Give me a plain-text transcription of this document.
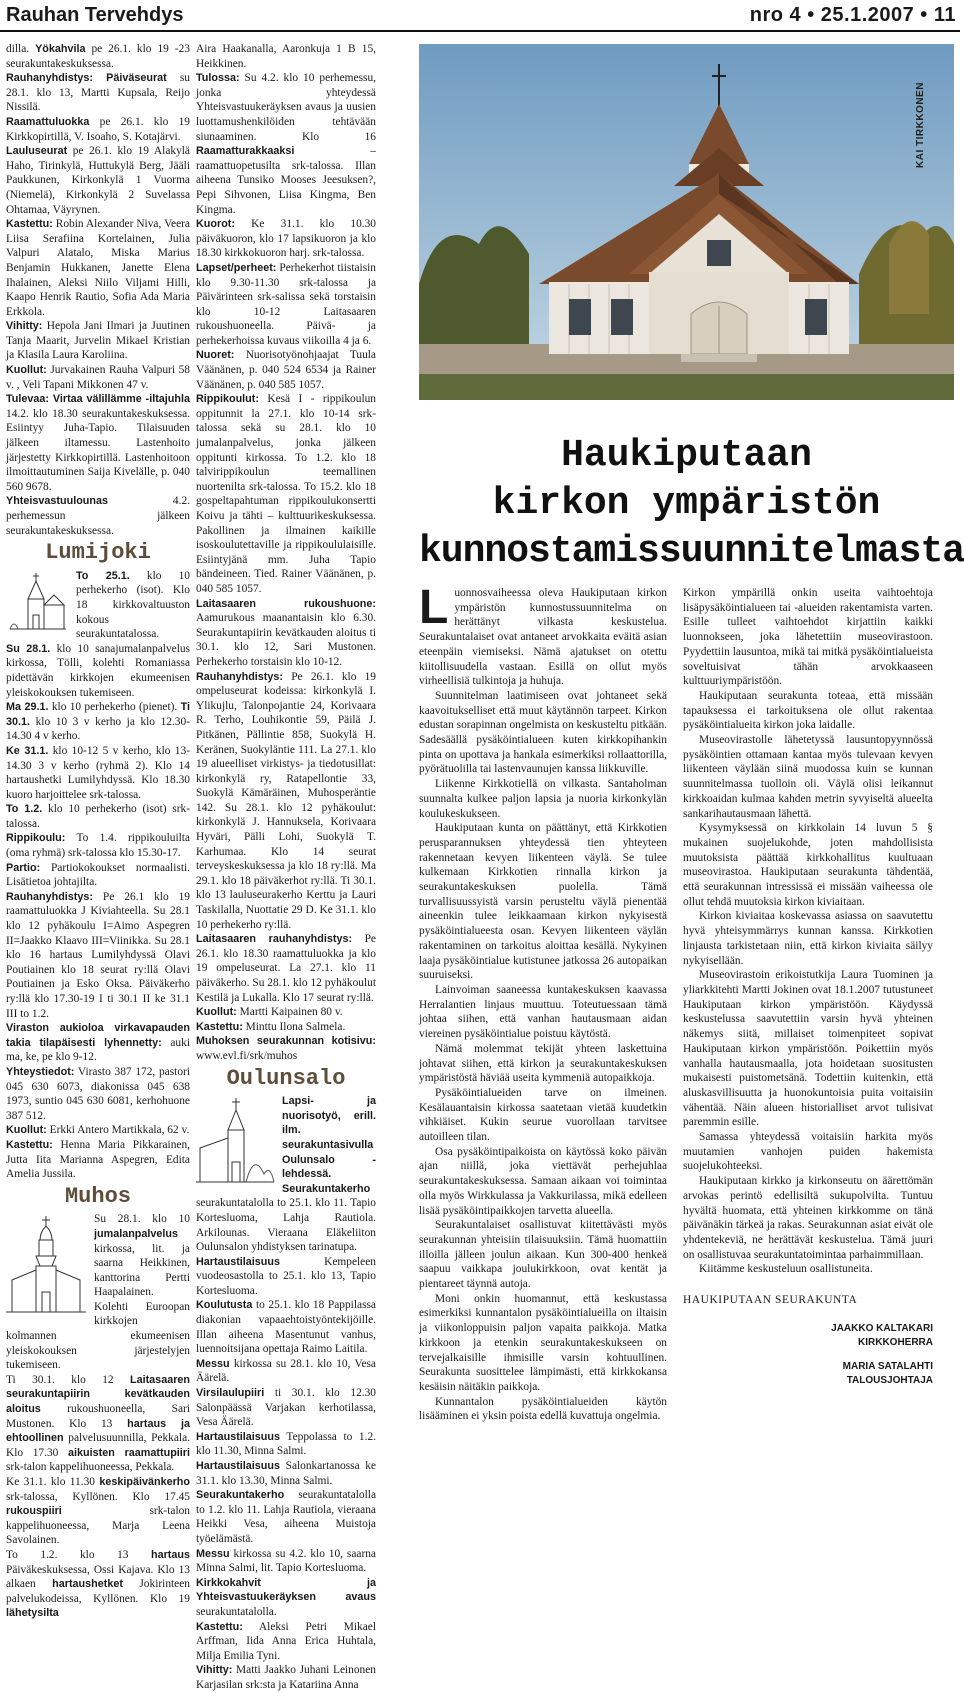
Rauhan Tervehdys	nro 4 • 25.1.2007 • 11

dilla. Yökahvila pe 26.1. klo 19 -23 seurakuntakeskuksessa.

Rauhanyhdistys: Päiväseurat su 28.1. klo 13, Martti Kupsala, Reijo Nissilä.

Raamattuluokka pe 26.1. klo 19 Kirkkopirtillä, V. Isoaho, S. Kotajärvi.

Lauluseurat pe 26.1. klo 19 Alakylä Haho, Tirinkylä, Huttukylä Berg, Jääli Paukkunen, Kirkonkylä 1 Vuorma (Niemelä), Kirkonkylä 2 Suvelassa Ohtamaa, Väyrynen.

Kastettu: Robin Alexander Niva, Veera Liisa Serafiina Kortelainen, Julia Valpuri Alatalo, Miska Marius Benjamin Hukkanen, Janette Elena Ihalainen, Aleksi Niilo Viljami Hilli, Kaapo Henrik Rautio, Sofia Ada Maria Erkkola.

Vihitty: Hepola Jani Ilmari ja Juutinen Tanja Maarit, Jurvelin Mikael Kristian ja Klasila Laura Karoliina.

Kuollut: Jurvakainen Rauha Valpuri 58 v. , Veli Tapani Mikkonen 47 v.

Tulevaa: Virtaa välillämme -iltajuhla 14.2. klo 18.30 seurakuntakeskuksessa. Esiintyy Juha-Tapio. Tilaisuuden jälkeen iltamessu. Lastenhoito järjestetty Kirkkopirtillä. Lastenhoitoon ilmoittautuminen Saija Kivelälle, p. 040 560 9678.

Yhteisvastuulounas 4.2. perhemessun jälkeen seurakuntakeskuksessa.

Lumijoki

To 25.1. klo 10 perhekerho (isot). Klo 18 kirkkovaltuuston kokous seurakuntatalossa.

Su 28.1. klo 10 sanajumalanpalvelus kirkossa, Tölli, kolehti Romaniassa pidettävän kirkkojen ekumeenisen yleiskokouksen tukemiseen.

Ma 29.1. klo 10 perhekerho (pienet). Ti 30.1. klo 10 3 v kerho ja klo 12.30-14.30 4 v kerho.

Ke 31.1. klo 10-12 5 v kerho, klo 13-14.30 3 v kerho (ryhmä 2). Klo 14 hartaushetki Lumilyhdyssä. Klo 18.30 kuoro harjoittelee srk-talossa.

To 1.2. klo 10 perhekerho (isot) srk-talossa.

Rippikoulu: To 1.4. rippikouluilta (oma ryhmä) srk-talossa klo 15.30-17.

Partio: Partiokokoukset normaalisti. Lisätietoa johtajilta.

Rauhanyhdistys: Pe 26.1 klo 19 raamattuluokka J Kiviahteella. Su 28.1 klo 12 pyhäkoulu I=Aimo Aspegren II=Jaakko Klaavo III=Viinikka. Su 28.1 klo 16 hartaus Lumilyhdyssä Olavi Poutiainen klo 18 seurat ry:llä Olavi Poutiainen ja Esko Oksa. Päiväkerho ry:llä klo 17.30-19 I ti 30.1 II ke 31.1 III to 1.2.

Viraston aukioloa virkavapauden takia tilapäisesti lyhennetty: auki ma, ke, pe klo 9-12.

Yhteystiedot: Virasto 387 172, pastori 045 630 6073, diakonissa 045 638 1973, suntio 045 630 6081, kerhohuone 387 512.

Kuollut: Erkki Antero Martikkala, 62 v.

Kastettu: Henna Maria Pikkarainen, Jutta Iita Marianna Aspegren, Edita Amelia Jussila.

Muhos

Su 28.1. klo 10 jumalanpalvelus kirkossa, lit. ja saarna Heikkinen, kanttorina Pertti Haapalainen. Kolehti Euroopan kirkkojen kolmannen ekumeenisen yleiskokouksen järjestelyjen tukemiseen.

Ti 30.1. klo 12 Laitasaaren seurakuntapiirin kevätkauden aloitus rukoushuoneella, Sari Mustonen. Klo 13 hartaus ja ehtoollinen palvelusuunnilla, Pekkala. Klo 17.30 aikuisten raamattupiiri srk-talon kappelihuoneessa, Pekkala.

Ke 31.1. klo 11.30 keskipäivänkerho srk-talossa, Kyllönen. Klo 17.45 rukouspiiri srk-talon kappelihuoneessa, Marja Leena Savolainen.

To 1.2. klo 13 hartaus Päiväkeskuksessa, Ossi Kajava. Klo 13 alkaen hartaushetket Jokirinteen palvelukodeissa, Kyllönen. Klo 19 lähetysilta

Aira Haakanalla, Aaronkuja 1 B 15, Heikkinen.

Tulossa: Su 4.2. klo 10 perhemessu, jonka yhteydessä Yhteisvastuukeräyksen avaus ja uusien luottamushenkilöiden tehtävään siunaaminen. Klo 16 Raamatturakkaaksi – raamattuopetusilta srk-talossa. Illan aiheena Tunsiko Mooses Jeesuksen?, Pepi Sihvonen, Liisa Kingma, Ben Kingma.

Kuorot: Ke 31.1. klo 10.30 päiväkuoron, klo 17 lapsikuoron ja klo 18.30 kirkkokuoron harj. srk-talossa.

Lapset/perheet: Perhekerhot tiistaisin klo 9.30-11.30 srk-talossa ja Päivärinteen srk-salissa sekä torstaisin klo 10-12 Laitasaaren rukoushuoneella. Päivä- ja perhekerhoissa kuvaus viikoilla 4 ja 6.

Nuoret: Nuorisotyönohjaajat Tuula Väänänen, p. 040 524 6534 ja Rainer Väänänen, p. 040 585 1057.

Rippikoulut: Kesä I - rippikoulun oppitunnit la 27.1. klo 10-14 srk-talossa sekä su 28.1. klo 10 jumalanpalvelus, jonka jälkeen oppitunti kirkossa. To 1.2. klo 18 talvirippikoulun teemallinen nuortenilta srk-talossa. To 15.2. klo 18 gospeltapahtuman rippikoulukonsertti Koivu ja tähti – kulttuurikeskuksessa. Pakollinen ja ilmainen kaikille isoskoulutettaville ja rippikoululaisille. Esiintyjänä mm. Juha Tapio bändeineen. Tied. Rainer Väänänen, p. 040 585 1057.

Laitasaaren rukoushuone: Aamurukous maanantaisin klo 6.30. Seurakuntapiirin kevätkauden aloitus ti 30.1. klo 12, Sari Mustonen. Perhekerho torstaisin klo 10-12.

Rauhanyhdistys: Pe 26.1. klo 19 ompeluseurat kodeissa: kirkonkylä I. Ylikujlu, Talonpojantie 24, Korivaara R. Terho, Louhikontie 59, Päilä J. Pitkänen, Pällintie 858, Suokylä H. Keränen, Suokyläntie 111. La 27.1. klo 19 alueelliset virkistys- ja tiedotusillat: kirkonkylä ry, Ratapellontie 33, Suokylä Kämäräinen, Muhosperäntie 142. Su 28.1. klo 12 pyhäkoulut: kirkonkylä J. Hannuksela, Korivaara Hyväri, Pälli Lohi, Suokylä T. Karhumaa. Klo 14 seurat terveyskeskuksessa ja klo 18 ry:llä. Ma 29.1. klo 18 päiväkerhot ry:llä. Ti 30.1. klo 13 lauluseurakerho Kerttu ja Lauri Taskilalla, Nuottatie 29 D. Ke 31.1. klo 10 perhekerho ry:llä.

Laitasaaren rauhanyhdistys: Pe 26.1. klo 18.30 raamattuluokka ja klo 19 ompeluseurat. La 27.1. klo 11 päiväkerho. Su 28.1. klo 12 pyhäkoulut Kestilä ja Lukalla. Klo 17 seurat ry:llä.

Kuollut: Martti Kaipainen 80 v.

Kastettu: Minttu Ilona Salmela.

Muhoksen seurakunnan kotisivu: www.evl.fi/srk/muhos

Oulunsalo

Lapsi- ja nuorisotyö, erill. ilm. seurakuntasivulla Oulunsalo -lehdessä.

Seurakuntakerho seurakuntatalolla to 25.1. klo 11. Tapio Kortesluoma, Lahja Rautiola. Arkilounas. Vieraana Eläkeliiton Oulunsalon yhdistyksen tarinatupa.

Hartaustilaisuus Kempeleen vuodeosastolla to 25.1. klo 13, Tapio Kortesluoma.

Koulutusta to 25.1. klo 18 Pappilassa diakonian vapaaehtoistyöntekijöille. Illan aiheena Masentunut vanhus, luennoitsijana opettaja Raimo Laitila.

Messu kirkossa su 28.1. klo 10, Vesa Äärelä.

Virsilaulupiiri ti 30.1. klo 12.30 Salonpäässä Varjakan kerhotilassa, Vesa Äärelä.

Hartaustilaisuus Teppolassa to 1.2. klo 11.30, Minna Salmi.

Hartaustilaisuus Salonkartanossa ke 31.1. klo 13.30, Minna Salmi.

Seurakuntakerho seurakuntatalolla to 1.2. klo 11. Lahja Rautiola, vieraana Heikki Vesa, aiheena Muistoja työelämästä.

Messu kirkossa su 4.2. klo 10, saarna Minna Salmi, lit. Tapio Kortesluoma.

Kirkkokahvit ja Yhteisvastuukeräyksen avaus seurakuntatalolla.

Kastettu: Aleksi Petri Mikael Arffman, Iida Anna Erica Huhtala, Milja Emilia Tyni.

Vihitty: Matti Jaakko Juhani Leinonen Karjasilan srk:sta ja Katariina Anna

KAI TIRKKONEN
Haukiputaan
kirkon ympäristön
kunnostamissuunnitelmasta
L uonnosvaiheessa oleva Haukiputaan kirkon ympäristön kunnostussuunnitelma on herättänyt vilkasta keskustelua. Seurakuntalaiset ovat antaneet arvokkaita eväitä asian eteenpäin viemiseksi. Nämä ajatukset on otettu kiitollisuudella vastaan. Esillä on ollut myös virheellisiä tulkintoja ja huhuja.

Suunnitelman laatimiseen ovat johtaneet sekä kaavoitukselliset että muut käytännön tarpeet. Kirkon edustan sorapinnan ongelmista on keskusteltu pitkään. Sadesäällä pysäköintialueen kuten kirkkopihankin pinta on upottava ja hankala esimerkiksi rollaattorilla, pyörätuolilla tai lastenvaunujen kanssa liikkuville.

Liikenne Kirkkotiellä on vilkasta. Santaholman suunnalta kulkee paljon lapsia ja nuoria kirkonkylän koulukeskukseen.

Haukiputaan kunta on päättänyt, että Kirkkotien perusparannuksen yhteydessä tien yhteyteen rakennetaan kevyen liikenteen väylä. Se tulee kulkemaan Kirkkotien rinnalla kirkon ja seurakuntakeskuksen puolella. Tämä turvallisuussyistä varsin perusteltu väylä pienentää aineenkin tulee leikkaamaan kirkon nykyisestä pysäköintialueesta osan. Kevyen liikenteen väylän rakentaminen on tarkoitus aloittaa kesällä. Nykyinen laaja pysäköintialue kutistunee jatkossa 26 autopaikan suuruiseksi.

Lainvoiman saaneessa kuntakeskuksen kaavassa Herralantien linjaus muuttuu. Toteutuessaan tämä johtaa siihen, että vanhan hautausmaan aidan viereinen pysäköintialue poistuu käytöstä.

Nämä molemmat tekijät yhteen laskettuina johtavat siihen, että kirkon ja seurakuntakeskuksen ympäristöstä häviää useita kymmeniä autopaikkoja.

Pysäköintialueiden tarve on ilmeinen. Kesälauantaisin kirkossa saatetaan vietää kuudetkin vihkiäiset. Kukin seurue vuorollaan tarvitsee autoilleen tilan.

Osa pysäköintipaikoista on käytössä koko päivän ajan niillä, joka viettävät perhejuhlaa seurakuntakeskuksessa. Samaan aikaan voi toimintaa olla myös Wirkkulassa ja Vakkurilassa, mikä edelleen lisää pysäköintipaikkojen tarvetta alueella.

Seurakuntalaiset osallistuvat kiitettävästi myös seurakunnan yhteisiin tilaisuuksiin. Tämä huomattiin illoilla jälleen joulun aikaan. Kun 300-400 henkeä saapuu vaikkapa joulukirkkoon, ovat kentät ja pientareet täynnä autoja.

Moni onkin huomannut, että keskustassa esimerkiksi kunnantalon pysäköintialueilla on iltaisin ja viikonloppuisin paljon vapaita paikkoja. Matka kirkkoon ja etenkin seurakuntakeskukseen on tervejalkaisille ihmisille varsin kohtuullinen. Seurakunta suosittelee lämpimästi, että kirkkokansa kesäisin näitäkin paikkoja.

Kunnantalon pysäköintialueiden käytön lisääminen ei yksin poista edellä kuvattuja ongelmia.

Kirkon ympärillä onkin useita vaihtoehtoja lisäpysäköintialueen tai -alueiden rakentamista varten. Esille tulleet vaihtoehdot kirjattiin kaikki luonnokseen, joka lähetettiin museovirastoon. Pyydettiin lausuntoa, mikä tai mitkä pysäköintialueista soveltuisivat tähän arvokkaaseen kulttuuriympäristöön.

Haukiputaan seurakunta toteaa, että missään tapauksessa ei tarkoituksena ole ollut rakentaa pysäköintialueita kirkon joka laidalle.

Museovirastolle lähetetyssä lausuntopyynnössä pysäköintien ottamaan kantaa myös tulevaan kevyen liikenteen väylään siinä muodossa kuin se kunnan suunnitelmassa tuolloin oli. Väylä olisi leikannut kirkkoaidan kulmaa kahden metrin syvyiseltä alueelta sankarihautausmaan lähettä.

Kysymyksessä on kirkkolain 14 luvun 5 § mukainen suojelukohde, joten mahdollisista muutoksista päättää kirkkohallitus kuultuaan museovirastoa. Haukiputaan seurakunta tähdentää, että seurakunnan intressissä ei missään vaiheessa ole ollut tehdä muutoksia kirkon kiviaitaan.

Kirkon kiviaitaa koskevassa asiassa on saavutettu hyvä yhteisymmärrys kunnan kanssa. Kirkkotien linjausta tarkistetaan niin, että kirkon kiviaita säilyy nykyisellään.

Museovirastoin erikoistutkija Laura Tuominen ja yliarkkitehti Martti Jokinen ovat 18.1.2007 tutustuneet Haukiputaan kirkon ympäristöön. Käydyssä keskustelussa saavutettiin varsin hyvä yhteinen näkemys siitä, millaiset toimenpiteet sopivat Haukiputaan kirkon ympäristöön. Poikettiin myös vanhalla hautausmaalla, jota hoidetaan suositusten mukaisesti puistometsänä. Todettiin kuitenkin, että aluskasvillisuutta ja huonokuntoisia puita voitaisiin vähentää. Näin alueen historialliset arvot tulisivat paremmin esille.

Samassa yhteydessä voitaisiin harkita myös muutamien vanhojen puiden hakemista suojelukohteeksi.

Haukiputaan kirkko ja kirkonseutu on äärettömän arvokas perintö edellisiltä sukupolvilta. Tuntuu hyvältä huomata, että yhteinen kirkkomme on tänä päivänäkin tärkeä ja rakas. Seurakunnan asiat eivät ole yhdentekeviä, ne herättävät keskustelua. Tämä juuri on osallistuvaa seurakuntatoimintaa parhaimmillaan.

Kiitämme keskusteluun osallistuneita.

HAUKIPUTAAN SEURAKUNTA
JAAKKO KALTAKARI
KIRKKOHERRA
MARIA SATALAHTI
TALOUSJOHTAJA
